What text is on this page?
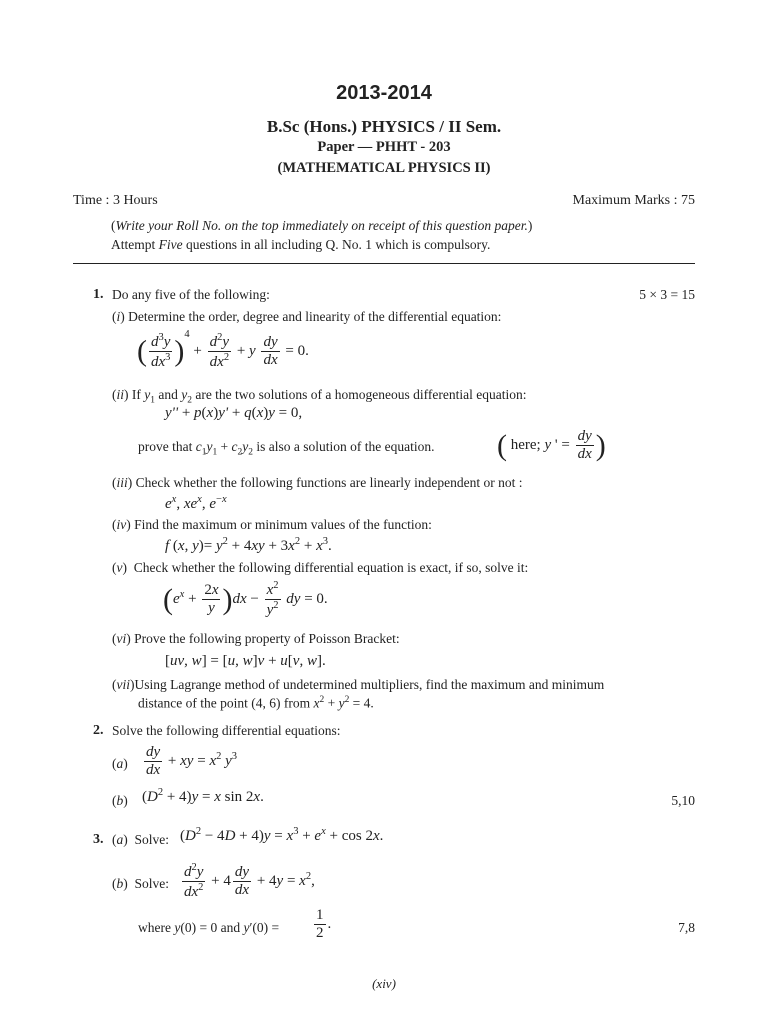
2013-2014
B.Sc (Hons.) PHYSICS / II Sem.
Paper — PHHT - 203
(MATHEMATICAL PHYSICS II)
Time : 3 Hours	Maximum Marks : 75
(Write your Roll No. on the top immediately on receipt of this question paper.)
Attempt Five questions in all including Q. No. 1 which is compulsory.
1. Do any five of the following:	5 × 3 = 15
(i) Determine the order, degree and linearity of the differential equation:
( $\frac{d^3y}{dx^3} )^4 + \frac{d^2y}{dx^2} + y \frac{dy}{dx} = 0$.
(ii) If $y_1$ and $y_2$ are the two solutions of a homogeneous differential equation:
y'' + p(x)y' + q(x)y = 0,
prove that $c_1y_1 + c_2y_2$ is also a solution of the equation. ( here; y ' = $\frac{dy}{dx}$ )
(iii) Check whether the following functions are linearly independent or not :
$e^x$, $xe^x$, $e^{-x}$
(iv) Find the maximum or minimum values of the function:
f (x, $y)= y^2 + 4xy + 3x^2 + x^3$.
(v)  Check whether the following differential equation is exact, if so, solve it:
$(e^x + \frac{2x}{y} )dx - \frac{x^2}{y^2}$ dy = 0.
(vi) Prove the following property of Poisson Bracket:
[uv, w] = [u, w]v + u[v, w].
(vii)Using Lagrange method of undetermined multipliers, find the maximum and minimum
distance of the point (4, 6) from $x^2 + y^2 = 4$.
2. Solve the following differential equations:
$(a) \frac{dy}{dx}$ + xy = $x^2$ $y^3$
(b) $(D^2 + 4)y = x$ sin 2x.	5,10
3. (a)  Solve: $(D^2 - 4D + 4)y = x^3 + e^x + \cos 2x$.
(b)  Solve: $\frac{d^2y}{dx^2} + 4 \frac{dy}{dx} + 4y = x^2$,
where y(0) = 0 and $y'(0) = \frac{1}{2}$ .	7,8
(xiv)
